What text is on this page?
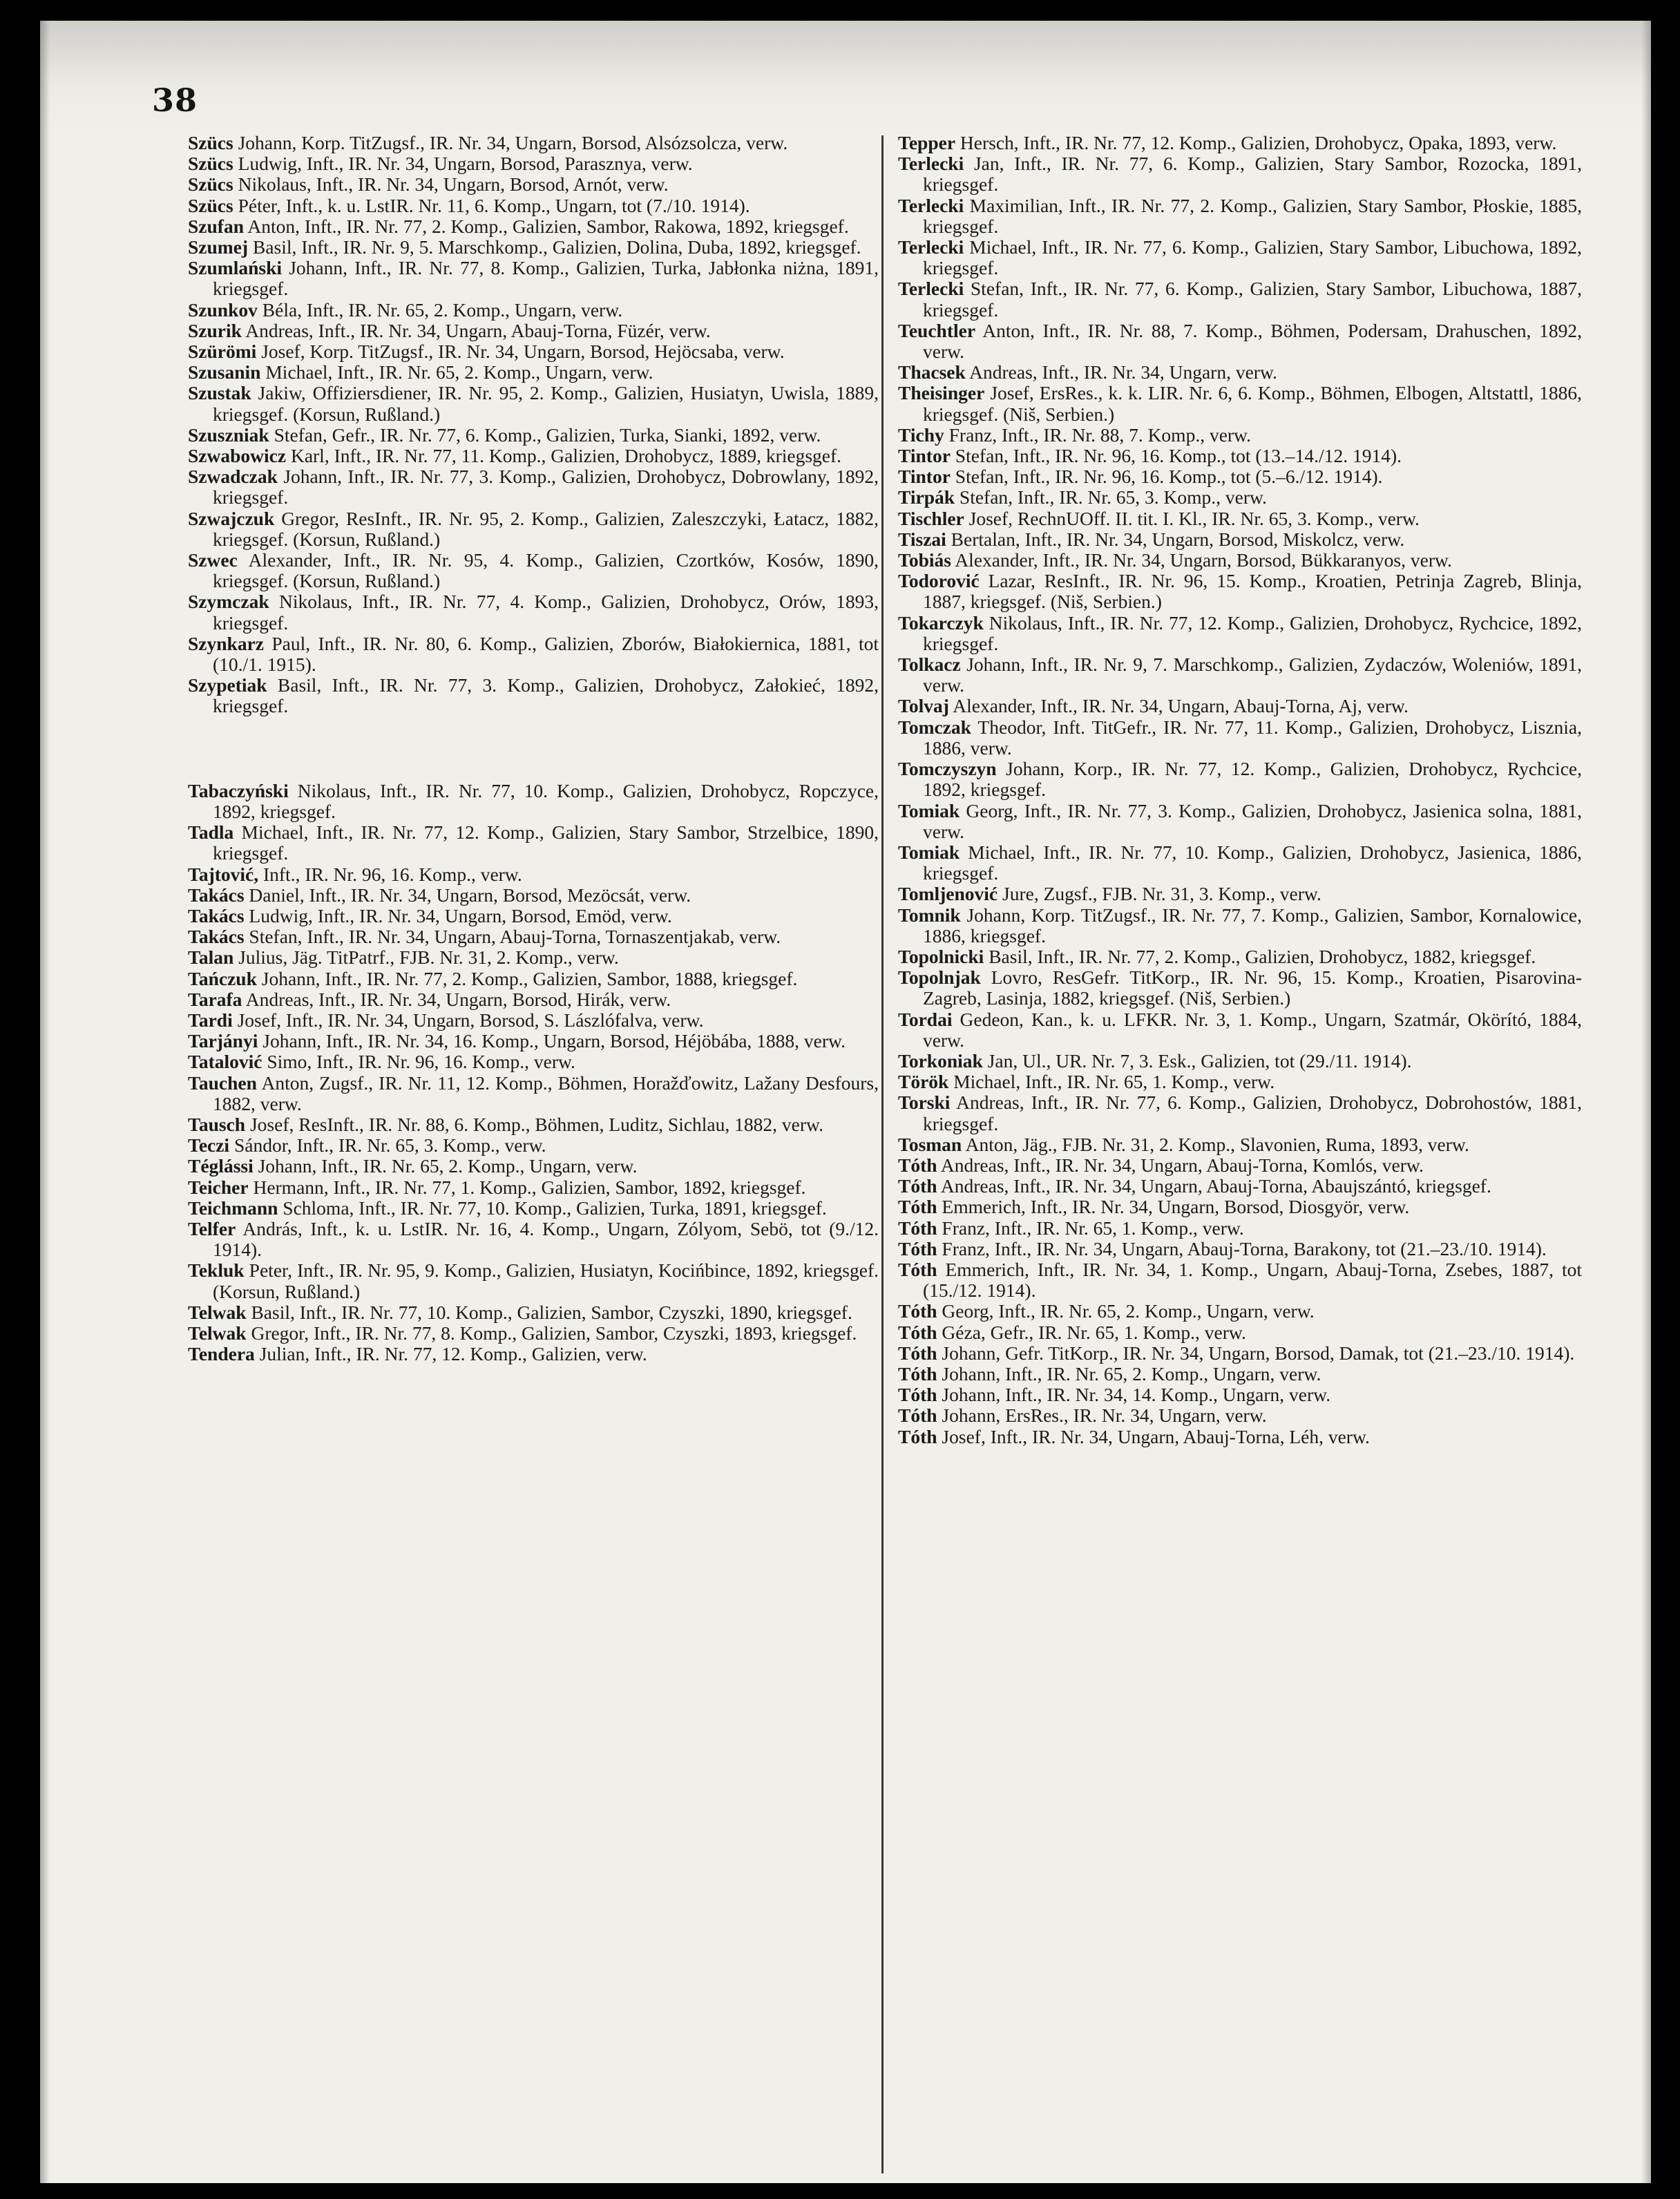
38

Szücs Johann, Korp. TitZugsf., IR. Nr. 34, Ungarn, Borsod, Alsózsolcza, verw.

Szücs Ludwig, Inft., IR. Nr. 34, Ungarn, Borsod, Parasznya, verw.

Szücs Nikolaus, Inft., IR. Nr. 34, Ungarn, Borsod, Arnót, verw.

Szücs Péter, Inft., k. u. LstIR. Nr. 11, 6. Komp., Ungarn, tot (7./10. 1914).

Szufan Anton, Inft., IR. Nr. 77, 2. Komp., Galizien, Sambor, Rakowa, 1892, kriegsgef.

Szumej Basil, Inft., IR. Nr. 9, 5. Marschkomp., Galizien, Dolina, Duba, 1892, kriegsgef.

Szumlański Johann, Inft., IR. Nr. 77, 8. Komp., Galizien, Turka, Jabłonka niżna, 1891, kriegsgef.

Szunkov Béla, Inft., IR. Nr. 65, 2. Komp., Ungarn, verw.

Szurik Andreas, Inft., IR. Nr. 34, Ungarn, Abauj-Torna, Füzér, verw.

Szürömi Josef, Korp. TitZugsf., IR. Nr. 34, Ungarn, Borsod, Hejöcsaba, verw.

Szusanin Michael, Inft., IR. Nr. 65, 2. Komp., Ungarn, verw.

Szustak Jakiw, Offiziersdiener, IR. Nr. 95, 2. Komp., Galizien, Husiatyn, Uwisla, 1889, kriegsgef. (Korsun, Rußland.)

Szuszniak Stefan, Gefr., IR. Nr. 77, 6. Komp., Galizien, Turka, Sianki, 1892, verw.

Szwabowicz Karl, Inft., IR. Nr. 77, 11. Komp., Galizien, Drohobycz, 1889, kriegsgef.

Szwadczak Johann, Inft., IR. Nr. 77, 3. Komp., Galizien, Drohobycz, Dobrowlany, 1892, kriegsgef.

Szwajczuk Gregor, ResInft., IR. Nr. 95, 2. Komp., Galizien, Zaleszczyki, Łatacz, 1882, kriegsgef. (Korsun, Rußland.)

Szwec Alexander, Inft., IR. Nr. 95, 4. Komp., Galizien, Czortków, Kosów, 1890, kriegsgef. (Korsun, Rußland.)

Szymczak Nikolaus, Inft., IR. Nr. 77, 4. Komp., Galizien, Drohobycz, Orów, 1893, kriegsgef.

Szynkarz Paul, Inft., IR. Nr. 80, 6. Komp., Galizien, Zborów, Białokiernica, 1881, tot (10./1. 1915).

Szypetiak Basil, Inft., IR. Nr. 77, 3. Komp., Galizien, Drohobycz, Załokieć, 1892, kriegsgef.

Tabaczyński Nikolaus, Inft., IR. Nr. 77, 10. Komp., Galizien, Drohobycz, Ropczyce, 1892, kriegsgef.

Tadla Michael, Inft., IR. Nr. 77, 12. Komp., Galizien, Stary Sambor, Strzelbice, 1890, kriegsgef.

Tajtović, Inft., IR. Nr. 96, 16. Komp., verw.

Takács Daniel, Inft., IR. Nr. 34, Ungarn, Borsod, Mezöcsát, verw.

Takács Ludwig, Inft., IR. Nr. 34, Ungarn, Borsod, Emöd, verw.

Takács Stefan, Inft., IR. Nr. 34, Ungarn, Abauj-Torna, Tornaszentjakab, verw.

Talan Julius, Jäg. TitPatrf., FJB. Nr. 31, 2. Komp., verw.

Tańczuk Johann, Inft., IR. Nr. 77, 2. Komp., Galizien, Sambor, 1888, kriegsgef.

Tarafa Andreas, Inft., IR. Nr. 34, Ungarn, Borsod, Hirák, verw.

Tardi Josef, Inft., IR. Nr. 34, Ungarn, Borsod, S. Lászlófalva, verw.

Tarjányi Johann, Inft., IR. Nr. 34, 16. Komp., Ungarn, Borsod, Héjöbába, 1888, verw.

Tatalović Simo, Inft., IR. Nr. 96, 16. Komp., verw.

Tauchen Anton, Zugsf., IR. Nr. 11, 12. Komp., Böhmen, Horažďowitz, Lažany Desfours, 1882, verw.

Tausch Josef, ResInft., IR. Nr. 88, 6. Komp., Böhmen, Luditz, Sichlau, 1882, verw.

Teczi Sándor, Inft., IR. Nr. 65, 3. Komp., verw.

Téglássi Johann, Inft., IR. Nr. 65, 2. Komp., Ungarn, verw.

Teicher Hermann, Inft., IR. Nr. 77, 1. Komp., Galizien, Sambor, 1892, kriegsgef.

Teichmann Schloma, Inft., IR. Nr. 77, 10. Komp., Galizien, Turka, 1891, kriegsgef.

Telfer András, Inft., k. u. LstIR. Nr. 16, 4. Komp., Ungarn, Zólyom, Sebö, tot (9./12. 1914).

Tekluk Peter, Inft., IR. Nr. 95, 9. Komp., Galizien, Husiatyn, Kocińbince, 1892, kriegsgef. (Korsun, Rußland.)

Telwak Basil, Inft., IR. Nr. 77, 10. Komp., Galizien, Sambor, Czyszki, 1890, kriegsgef.

Telwak Gregor, Inft., IR. Nr. 77, 8. Komp., Galizien, Sambor, Czyszki, 1893, kriegsgef.

Tendera Julian, Inft., IR. Nr. 77, 12. Komp., Galizien, verw.

Tepper Hersch, Inft., IR. Nr. 77, 12. Komp., Galizien, Drohobycz, Opaka, 1893, verw.

Terlecki Jan, Inft., IR. Nr. 77, 6. Komp., Galizien, Stary Sambor, Rozocka, 1891, kriegsgef.

Terlecki Maximilian, Inft., IR. Nr. 77, 2. Komp., Galizien, Stary Sambor, Płoskie, 1885, kriegsgef.

Terlecki Michael, Inft., IR. Nr. 77, 6. Komp., Galizien, Stary Sambor, Libuchowa, 1892, kriegsgef.

Terlecki Stefan, Inft., IR. Nr. 77, 6. Komp., Galizien, Stary Sambor, Libuchowa, 1887, kriegsgef.

Teuchtler Anton, Inft., IR. Nr. 88, 7. Komp., Böhmen, Podersam, Drahuschen, 1892, verw.

Thacsek Andreas, Inft., IR. Nr. 34, Ungarn, verw.

Theisinger Josef, ErsRes., k. k. LIR. Nr. 6, 6. Komp., Böhmen, Elbogen, Altstattl, 1886, kriegsgef. (Niš, Serbien.)

Tichy Franz, Inft., IR. Nr. 88, 7. Komp., verw.

Tintor Stefan, Inft., IR. Nr. 96, 16. Komp., tot (13.–14./12. 1914).

Tintor Stefan, Inft., IR. Nr. 96, 16. Komp., tot (5.–6./12. 1914).

Tirpák Stefan, Inft., IR. Nr. 65, 3. Komp., verw.

Tischler Josef, RechnUOff. II. tit. I. Kl., IR. Nr. 65, 3. Komp., verw.

Tiszai Bertalan, Inft., IR. Nr. 34, Ungarn, Borsod, Miskolcz, verw.

Tobiás Alexander, Inft., IR. Nr. 34, Ungarn, Borsod, Bükkaranyos, verw.

Todorović Lazar, ResInft., IR. Nr. 96, 15. Komp., Kroatien, Petrinja Zagreb, Blinja, 1887, kriegsgef. (Niš, Serbien.)

Tokarczyk Nikolaus, Inft., IR. Nr. 77, 12. Komp., Galizien, Drohobycz, Rychcice, 1892, kriegsgef.

Tolkacz Johann, Inft., IR. Nr. 9, 7. Marschkomp., Galizien, Zydaczów, Woleniów, 1891, verw.

Tolvaj Alexander, Inft., IR. Nr. 34, Ungarn, Abauj-Torna, Aj, verw.

Tomczak Theodor, Inft. TitGefr., IR. Nr. 77, 11. Komp., Galizien, Drohobycz, Lisznia, 1886, verw.

Tomczyszyn Johann, Korp., IR. Nr. 77, 12. Komp., Galizien, Drohobycz, Rychcice, 1892, kriegsgef.

Tomiak Georg, Inft., IR. Nr. 77, 3. Komp., Galizien, Drohobycz, Jasienica solna, 1881, verw.

Tomiak Michael, Inft., IR. Nr. 77, 10. Komp., Galizien, Drohobycz, Jasienica, 1886, kriegsgef.

Tomljenović Jure, Zugsf., FJB. Nr. 31, 3. Komp., verw.

Tomnik Johann, Korp. TitZugsf., IR. Nr. 77, 7. Komp., Galizien, Sambor, Kornalowice, 1886, kriegsgef.

Topolnicki Basil, Inft., IR. Nr. 77, 2. Komp., Galizien, Drohobycz, 1882, kriegsgef.

Topolnjak Lovro, ResGefr. TitKorp., IR. Nr. 96, 15. Komp., Kroatien, Pisarovina-Zagreb, Lasinja, 1882, kriegsgef. (Niš, Serbien.)

Tordai Gedeon, Kan., k. u. LFKR. Nr. 3, 1. Komp., Ungarn, Szatmár, Okörító, 1884, verw.

Torkoniak Jan, Ul., UR. Nr. 7, 3. Esk., Galizien, tot (29./11. 1914).

Török Michael, Inft., IR. Nr. 65, 1. Komp., verw.

Torski Andreas, Inft., IR. Nr. 77, 6. Komp., Galizien, Drohobycz, Dobrohostów, 1881, kriegsgef.

Tosman Anton, Jäg., FJB. Nr. 31, 2. Komp., Slavonien, Ruma, 1893, verw.

Tóth Andreas, Inft., IR. Nr. 34, Ungarn, Abauj-Torna, Komlós, verw.

Tóth Andreas, Inft., IR. Nr. 34, Ungarn, Abauj-Torna, Abaujszántó, kriegsgef.

Tóth Emmerich, Inft., IR. Nr. 34, Ungarn, Borsod, Diosgyör, verw.

Tóth Franz, Inft., IR. Nr. 65, 1. Komp., verw.

Tóth Franz, Inft., IR. Nr. 34, Ungarn, Abauj-Torna, Barakony, tot (21.–23./10. 1914).

Tóth Emmerich, Inft., IR. Nr. 34, 1. Komp., Ungarn, Abauj-Torna, Zsebes, 1887, tot (15./12. 1914).

Tóth Georg, Inft., IR. Nr. 65, 2. Komp., Ungarn, verw.

Tóth Géza, Gefr., IR. Nr. 65, 1. Komp., verw.

Tóth Johann, Gefr. TitKorp., IR. Nr. 34, Ungarn, Borsod, Damak, tot (21.–23./10. 1914).

Tóth Johann, Inft., IR. Nr. 65, 2. Komp., Ungarn, verw.

Tóth Johann, Inft., IR. Nr. 34, 14. Komp., Ungarn, verw.

Tóth Johann, ErsRes., IR. Nr. 34, Ungarn, verw.

Tóth Josef, Inft., IR. Nr. 34, Ungarn, Abauj-Torna, Léh, verw.
